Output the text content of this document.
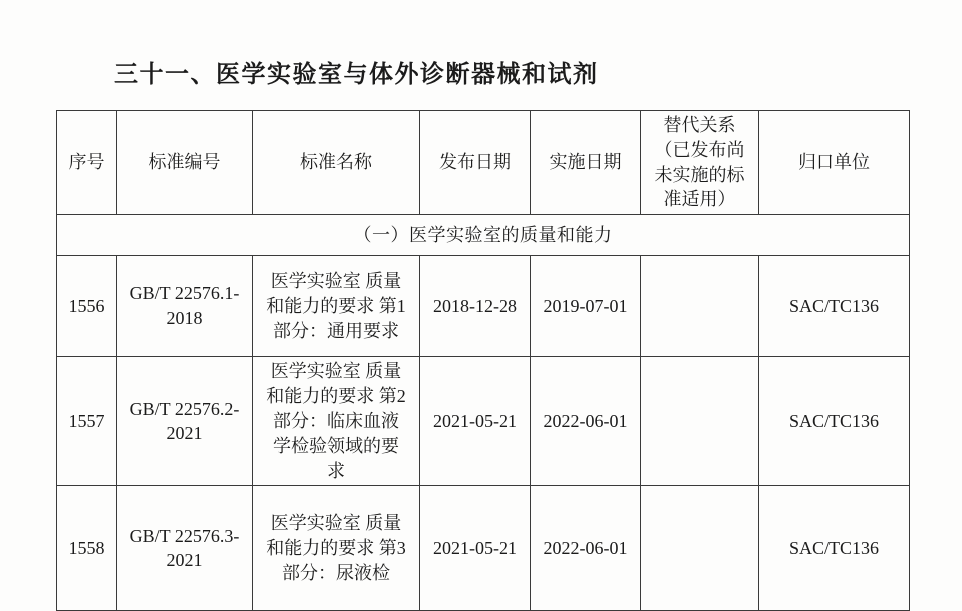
三十一、医学实验室与体外诊断器械和试剂
序号	标准编号	标准名称	发布日期	实施日期	替代关系（已发布尚未实施的标准适用）	归口单位
（一）医学实验室的质量和能力						
1556	GB/T 22576.1-2018	医学实验室 质量和能力的要求 第1部分：通用要求	2018-12-28	2019-07-01		SAC/TC136
1557	GB/T 22576.2-2021	医学实验室 质量和能力的要求 第2部分：临床血液学检验领域的要求	2021-05-21	2022-06-01		SAC/TC136
1558	GB/T 22576.3-2021	医学实验室 质量和能力的要求 第3部分：尿液检	2021-05-21	2022-06-01		SAC/TC136
